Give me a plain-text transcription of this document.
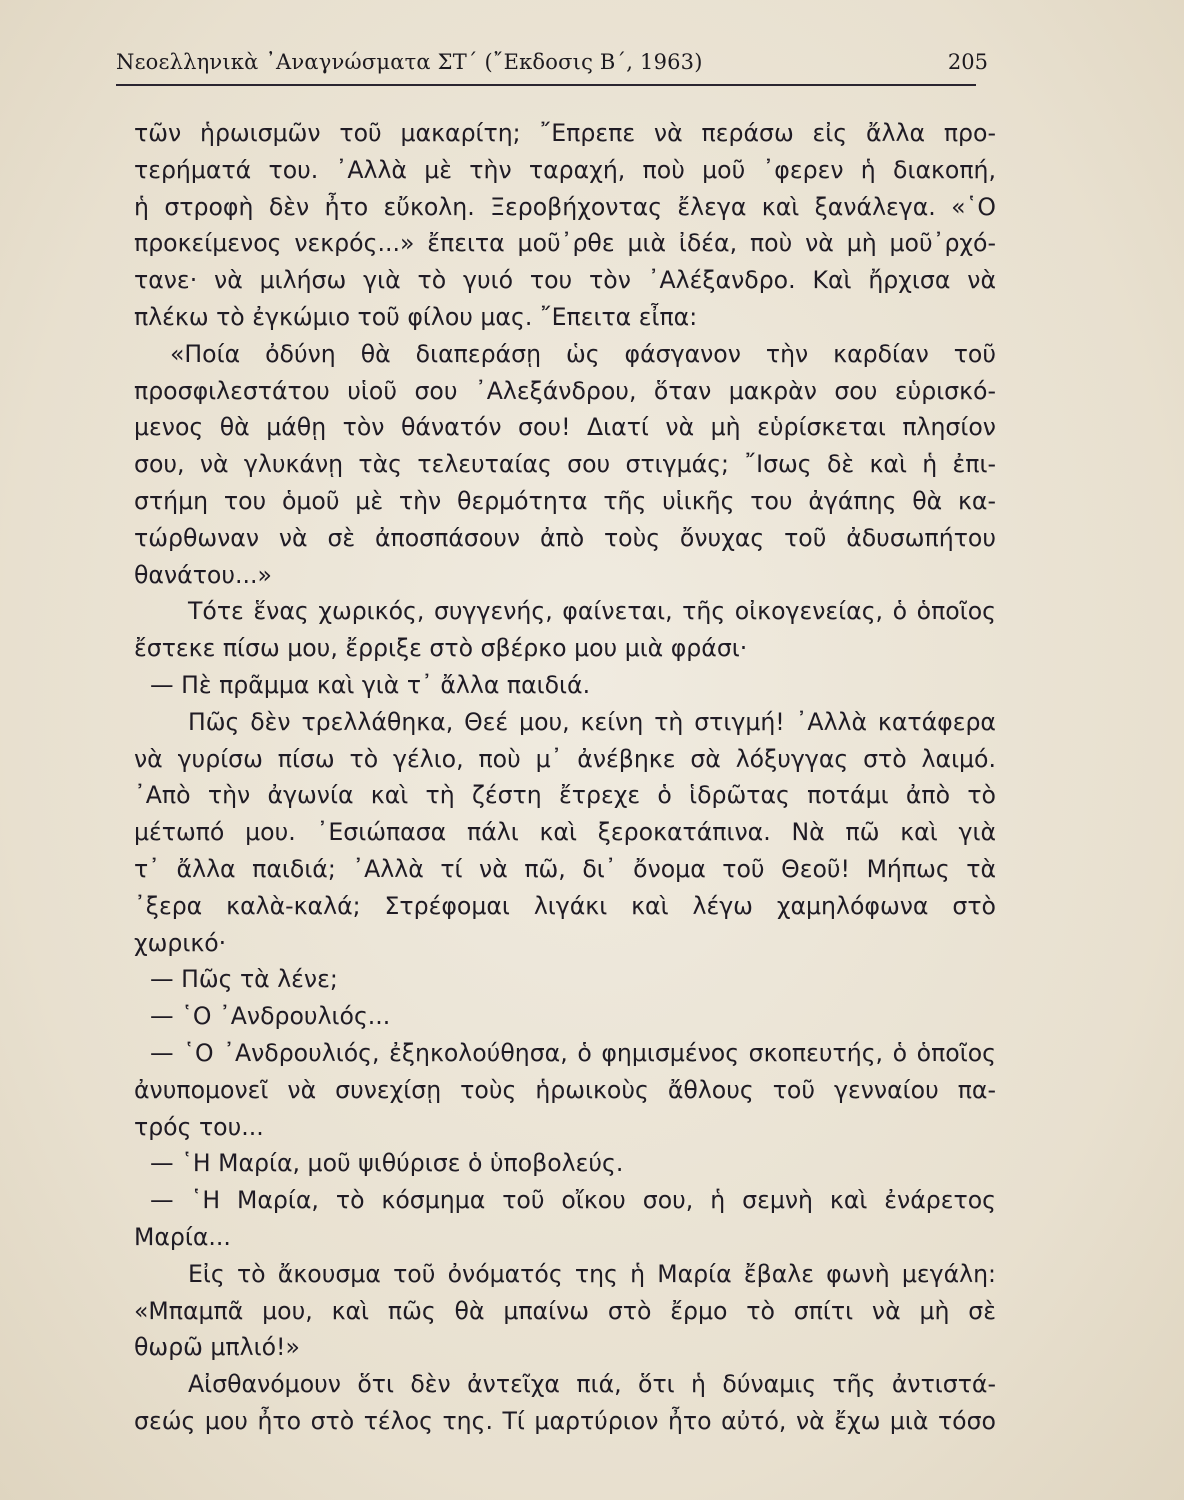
Νεοελληνικὰ ᾿Αναγνώσματα ΣΤ΄ (῎Εκδοσις Β΄, 1963)	205
τῶν ἡρωισμῶν τοῦ μακαρίτη; ῎Επρεπε νὰ περάσω εἰς ἄλλα προ-
τερήματά του. ᾿Αλλὰ μὲ τὴν ταραχή, ποὺ μοῦ ᾿φερεν ἡ διακοπή,
ἡ στροφὴ δὲν ἦτο εὔκολη. Ξεροβήχοντας ἔλεγα καὶ ξανάλεγα. «῾Ο
προκείμενος νεκρός...» ἔπειτα μοῦ᾿ρθε μιὰ ἰδέα, ποὺ νὰ μὴ μοῦ᾿ρχό-
τανε· νὰ μιλήσω γιὰ τὸ γυιό του τὸν ᾿Αλέξανδρο. Καὶ ἤρχισα νὰ
πλέκω τὸ ἐγκώμιο τοῦ φίλου μας. ῎Επειτα εἶπα:
«Ποία ὀδύνη θὰ διαπεράσῃ ὡς φάσγανον τὴν καρδίαν τοῦ
προσφιλεστάτου υἱοῦ σου ᾿Αλεξάνδρου, ὅταν μακρὰν σου εὑρισκό-
μενος θὰ μάθῃ τὸν θάνατόν σου! Διατί νὰ μὴ εὑρίσκεται πλησίον
σου, νὰ γλυκάνῃ τὰς τελευταίας σου στιγμάς; ῎Ισως δὲ καὶ ἡ ἐπι-
στήμη του ὁμοῦ μὲ τὴν θερμότητα τῆς υἱικῆς του ἀγάπης θὰ κα-
τώρθωναν νὰ σὲ ἀποσπάσουν ἀπὸ τοὺς ὄνυχας τοῦ ἀδυσωπήτου
θανάτου...»
Τότε ἕνας χωρικός, συγγενής, φαίνεται, τῆς οἰκογενείας, ὁ ὁποῖος
ἔστεκε πίσω μου, ἔρριξε στὸ σβέρκο μου μιὰ φράσι·
— Πὲ πρᾶμμα καὶ γιὰ τ᾿ ἄλλα παιδιά.
Πῶς δὲν τρελλάθηκα, Θεέ μου, κείνη τὴ στιγμή! ᾿Αλλὰ κατάφερα
νὰ γυρίσω πίσω τὸ γέλιο, ποὺ μ᾿ ἀνέβηκε σὰ λόξυγγας στὸ λαιμό.
᾿Απὸ τὴν ἀγωνία καὶ τὴ ζέστη ἔτρεχε ὁ ἱδρῶτας ποτάμι ἀπὸ τὸ
μέτωπό μου. ᾿Εσιώπασα πάλι καὶ ξεροκατάπινα. Νὰ πῶ καὶ γιὰ
τ᾿ ἄλλα παιδιά; ᾿Αλλὰ τί νὰ πῶ, δι᾿ ὄνομα τοῦ Θεοῦ! Μήπως τὰ
᾿ξερα καλὰ-καλά; Στρέφομαι λιγάκι καὶ λέγω χαμηλόφωνα στὸ
χωρικό·
— Πῶς τὰ λένε;
— ῾Ο ᾿Ανδρουλιός...
— ῾Ο ᾿Ανδρουλιός, ἐξηκολούθησα, ὁ φημισμένος σκοπευτής, ὁ ὁποῖος
ἀνυπομονεῖ νὰ συνεχίσῃ τοὺς ἡρωικοὺς ἄθλους τοῦ γενναίου πα-
τρός του...
— ῾Η Μαρία, μοῦ ψιθύρισε ὁ ὑποβολεύς.
— ῾Η Μαρία, τὸ κόσμημα τοῦ οἴκου σου, ἡ σεμνὴ καὶ ἐνάρετος
Μαρία...
Εἰς τὸ ἄκουσμα τοῦ ὀνόματός της ἡ Μαρία ἔβαλε φωνὴ μεγάλη:
«Μπαμπᾶ μου, καὶ πῶς θὰ μπαίνω στὸ ἔρμο τὸ σπίτι νὰ μὴ σὲ
θωρῶ μπλιό!»
Αἰσθανόμουν ὅτι δὲν ἀντεῖχα πιά, ὅτι ἡ δύναμις τῆς ἀντιστά-
σεώς μου ἦτο στὸ τέλος της. Τί μαρτύριον ἦτο αὐτό, νὰ ἔχω μιὰ τόσο
